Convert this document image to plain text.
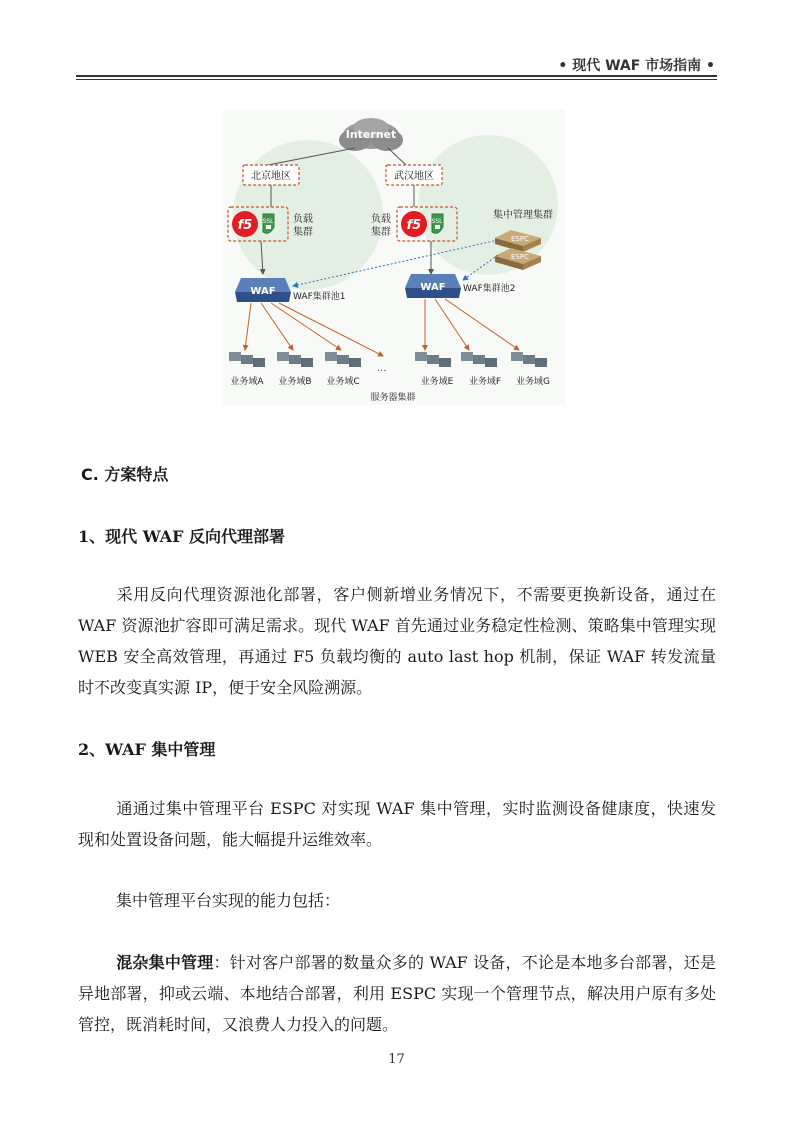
• 现代 WAF 市场指南 •
Internet
北京地区	武汉地区
f5 SSL 负载
集群	f5 SSL
负载
集群
集中管理集群
ESPC
ESPC
WAF WAF集群池1
WAF WAF集群池2
...
业务域A 业务域B 业务域C	业务域E 业务域F 业务域G
服务器集群
C. 方案特点
1、现代 WAF 反向代理部署
采用反向代理资源池化部署，客户侧新增业务情况下，不需要更换新设备，通过在 WAF 资源池扩容即可满足需求。现代 WAF 首先通过业务稳定性检测、策略集中管理实现 WEB 安全高效管理，再通过 F5 负载均衡的 auto last hop 机制，保证 WAF 转发流量时不改变真实源 IP，便于安全风险溯源。
2、WAF 集中管理
通通过集中管理平台 ESPC 对实现 WAF 集中管理，实时监测设备健康度，快速发现和处置设备问题，能大幅提升运维效率。
集中管理平台实现的能力包括：
混杂集中管理：针对客户部署的数量众多的 WAF 设备，不论是本地多台部署，还是异地部署，抑或云端、本地结合部署，利用 ESPC 实现一个管理节点，解决用户原有多处管控，既消耗时间，又浪费人力投入的问题。
17
